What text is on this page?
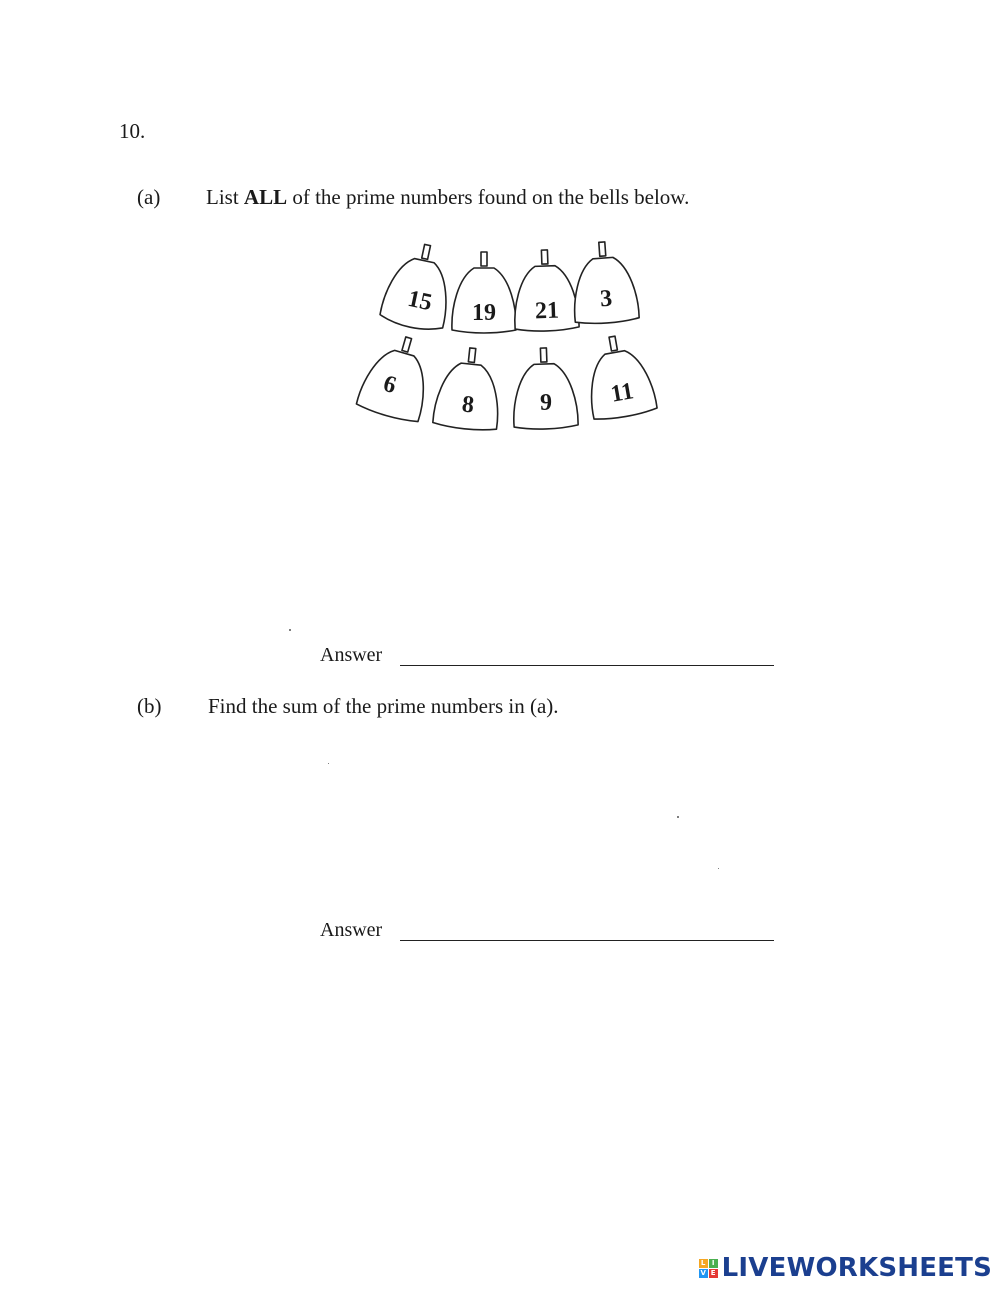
10.
(a) List ALL of the prime numbers found on the bells below.
15 19 21 3
6
8	9 11
Answer
(b) Find the sum of the prime numbers in (a).
Answer
L I
V E LIVEWORKSHEETS
